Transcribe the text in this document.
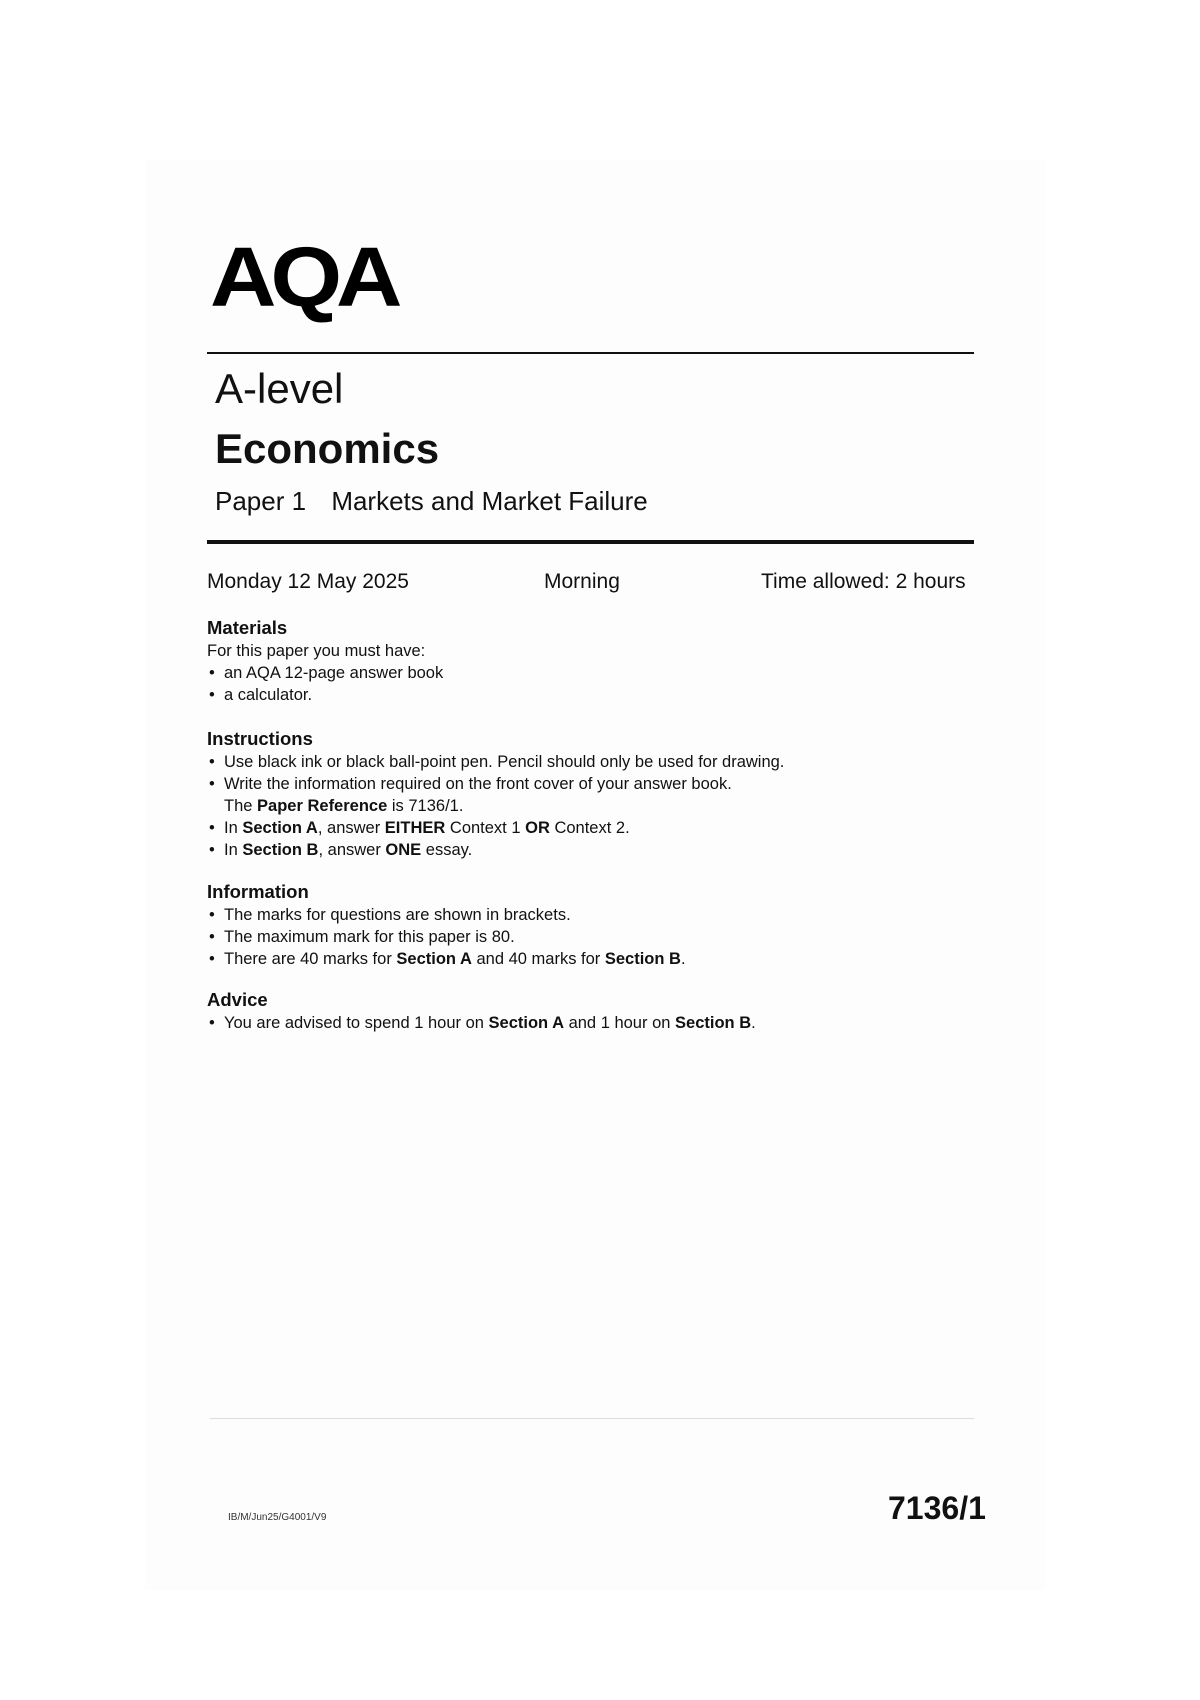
AQA
A-level
Economics
Paper 1 Markets and Market Failure
Monday 12 May 2025	Morning	Time allowed: 2 hours
Materials

For this paper you must have:

• an AQA 12-page answer book
• a calculator.
Instructions
• Use black ink or black ball-point pen. Pencil should only be used for drawing.
• Write the information required on the front cover of your answer book.
The Paper Reference is 7136/1.
• In Section A, answer EITHER Context 1 OR Context 2.
• In Section B, answer ONE essay.
Information
• The marks for questions are shown in brackets.
• The maximum mark for this paper is 80.
• There are 40 marks for Section A and 40 marks for Section B.
Advice
• You are advised to spend 1 hour on Section A and 1 hour on Section B.
IB/M/Jun25/G4001/V9	7136/1
